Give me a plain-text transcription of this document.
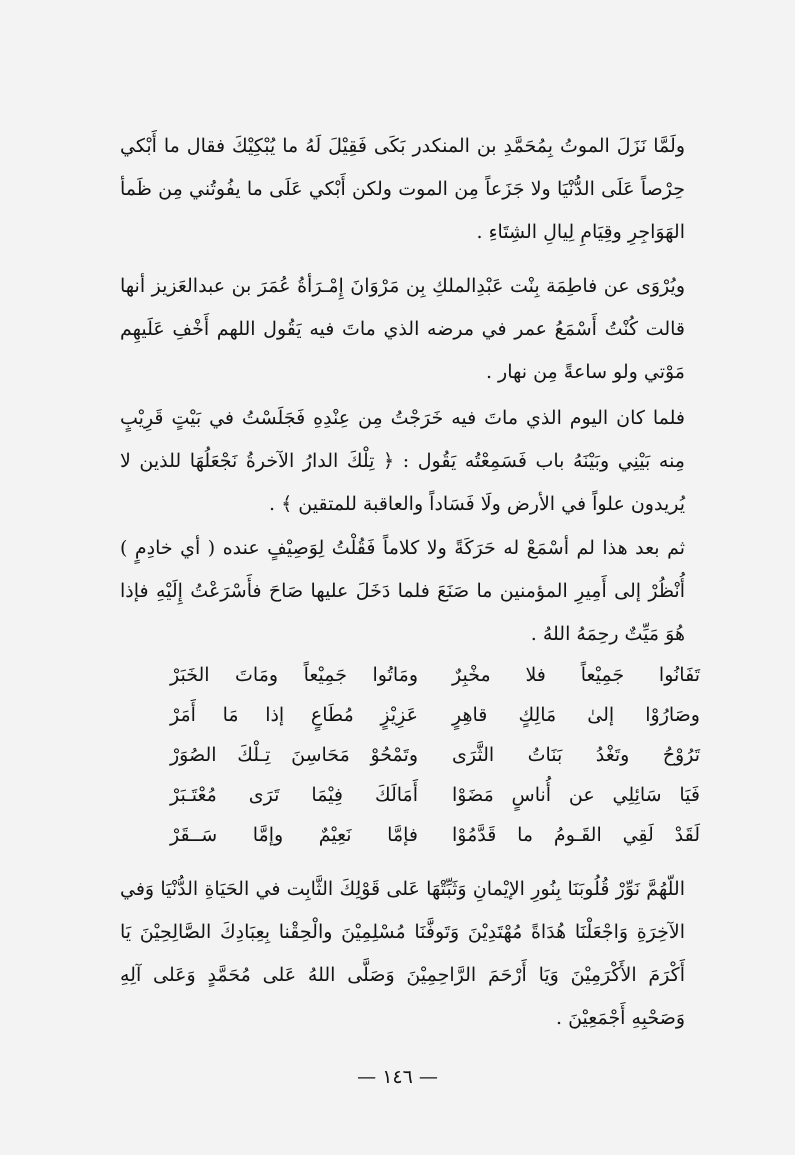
ولَمَّا نَزَلَ الموتُ بِمُحَمَّدِ بن المنكدر بَكَى فَقِيْلَ لَهُ ما يُبْكِيْكَ فقال ما أَبْكي حِرْصاً عَلَى الدُّنْيَا ولا جَزَعاً مِن الموت ولكن أَبْكي عَلَى ما يفُوتُني مِن ظَمأ الهَوَاجِرِ وقِيَامِ لِيالِ الشِتَاءِ .

ويُرْوَى عن فاطِمَة بِنْت عَبْدِالملكِ بِن مَرْوَانَ إِمْـرَأةُ عُمَرَ بن عبدالعَزيز أنها قالت كُنْتُ أَسْمَعُ عمر في مرضه الذي ماتَ فيه يَقُول اللهم أَخْفِ عَلَيهِم مَوْتي ولو ساعةً مِن نهار .

فلما كان اليوم الذي ماتَ فيه خَرَجْتُ مِن عِنْدِهِ فَجَلَسْتُ في بَيْتٍ قَرِيْبٍ مِنه بَيْنِي وبَيْنَهُ باب فَسَمِعْتُه يَقُول : ﴿ تِلْكَ الدارُ الآخرةُ نَجْعَلُهَا للذين لا يُريدون علواً في الأرض ولَا فَسَاداً والعاقبة للمتقين ﴾ .

ثم بعد هذا لم أسْمَعْ له حَرَكَةً ولا كلاماً فَقُلْتُ لِوَصِيْفٍ عنده ( أي خادِمٍ ) أُنْظُرْ إلى أَمِيرِ المؤمنين ما صَنَعَ فلما دَخَلَ عليها صَاحَ فأَسْرَعْتُ إِلَيْهِ فإذا هُوَ مَيِّتٌ رحِمَهُ اللهُ .

تَفَانُوا جَمِيْعاً فلا مخْبِرٌ
ومَاتُوا جَمِيْعاً ومَاتَ الخَبَرْ
وصَارُوْا إلىٰ مَالِكٍ قاهِرٍ
عَزِيْزٍ مُطَاعٍ إذا مَا أَمَرْ
تَرُوْحُ وتَغْدُ بَنَاتُ الثَّرَى
وتَمْحُوْ مَحَاسِنَ تِـلْكَ الصُوَرْ
فَيَا سَائِلِي عن أُناسٍ مَضَوْا
أَمَالَكَ فِيْمَا تَرَى مُعْتَـبَرْ
لَقَدْ لَقِي القَـومُ ما قَدَّمُوْا
فإمَّا نَعِيْمٌ وإمَّا سَــقَرْ

اللّهُمَّ نَوِّرْ قُلُوبَنَا بِنُورِ الإيْمانِ وَثَبِّتْهَا عَلى قَوْلِكَ الثَّابِت في الحَيَاةِ الدُّنْيَا وَفي الآخِرَةِ وَاجْعَلْنَا هُدَاةً مُهْتَدِيْنَ وَتَوفَّنَا مُسْلِمِيْنَ والْحِقْنا بِعِبَادِكَ الصَّالِحِيْنَ يَا أَكْرَمَ الأَكْرَمِيْنَ وَيَا أَرْحَمَ الرَّاحِمِيْنَ وَصَلَّى اللهُ عَلى مُحَمَّدٍ وَعَلى آلِهِ وَصَحْبِهِ أَجْمَعِيْنَ .

— ١٤٦ —
